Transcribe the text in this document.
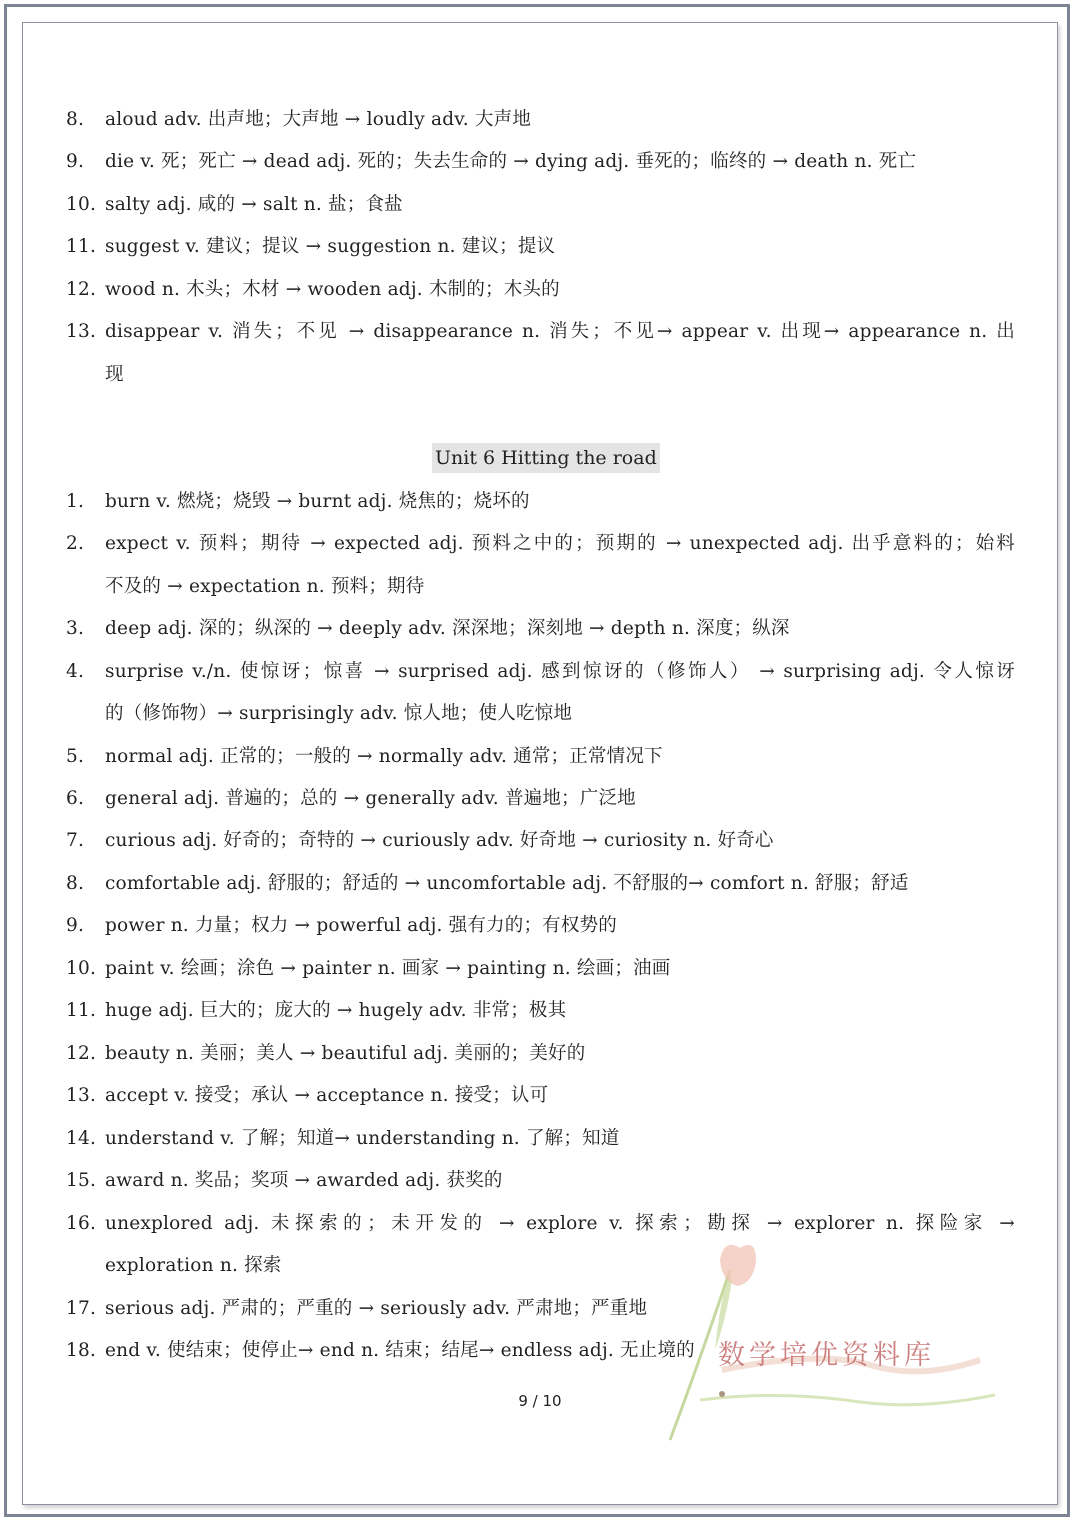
8. aloud adv. 出声地；大声地 → loudly adv. 大声地
9. die v. 死；死亡 → dead adj. 死的；失去生命的 → dying adj. 垂死的；临终的 → death n. 死亡
10. salty adj. 咸的 → salt n. 盐；食盐
11. suggest v. 建议；提议 → suggestion n. 建议；提议
12. wood n. 木头；木材 → wooden adj. 木制的；木头的
13. disappear v. 消失；不见 → disappearance n. 消失；不见→ appear v. 出现→ appearance n. 出
现
Unit 6 Hitting the road
1. burn v. 燃烧；烧毁 → burnt adj. 烧焦的；烧坏的
2. expect v. 预料；期待 → expected adj. 预料之中的；预期的 → unexpected adj. 出乎意料的；始料
不及的 → expectation n. 预料；期待
3. deep adj. 深的；纵深的 → deeply adv. 深深地；深刻地 → depth n. 深度；纵深
4. surprise v./n. 使惊讶；惊喜 → surprised adj. 感到惊讶的（修饰人） → surprising adj. 令人惊讶
的（修饰物）→ surprisingly adv. 惊人地；使人吃惊地
5. normal adj. 正常的；一般的 → normally adv. 通常；正常情况下
6. general adj. 普遍的；总的 → generally adv. 普遍地；广泛地
7. curious adj. 好奇的；奇特的 → curiously adv. 好奇地 → curiosity n. 好奇心
8. comfortable adj. 舒服的；舒适的 → uncomfortable adj. 不舒服的→ comfort n. 舒服；舒适
9. power n. 力量；权力 → powerful adj. 强有力的；有权势的
10. paint v. 绘画；涂色 → painter n. 画家 → painting n. 绘画；油画
11. huge adj. 巨大的；庞大的 → hugely adv. 非常；极其
12. beauty n. 美丽；美人 → beautiful adj. 美丽的；美好的
13. accept v. 接受；承认 → acceptance n. 接受；认可
14. understand v. 了解；知道→ understanding n. 了解；知道
15. award n. 奖品；奖项 → awarded adj. 获奖的
16. unexplored adj. 未探索的；未开发的 → explore v. 探索；勘探 → explorer n. 探险家 →
exploration n. 探索
17. serious adj. 严肃的；严重的 → seriously adv. 严肃地；严重地
18. end v. 使结束；使停止→ end n. 结束；结尾→ endless adj. 无止境的 数学培优资料库
9 / 10
